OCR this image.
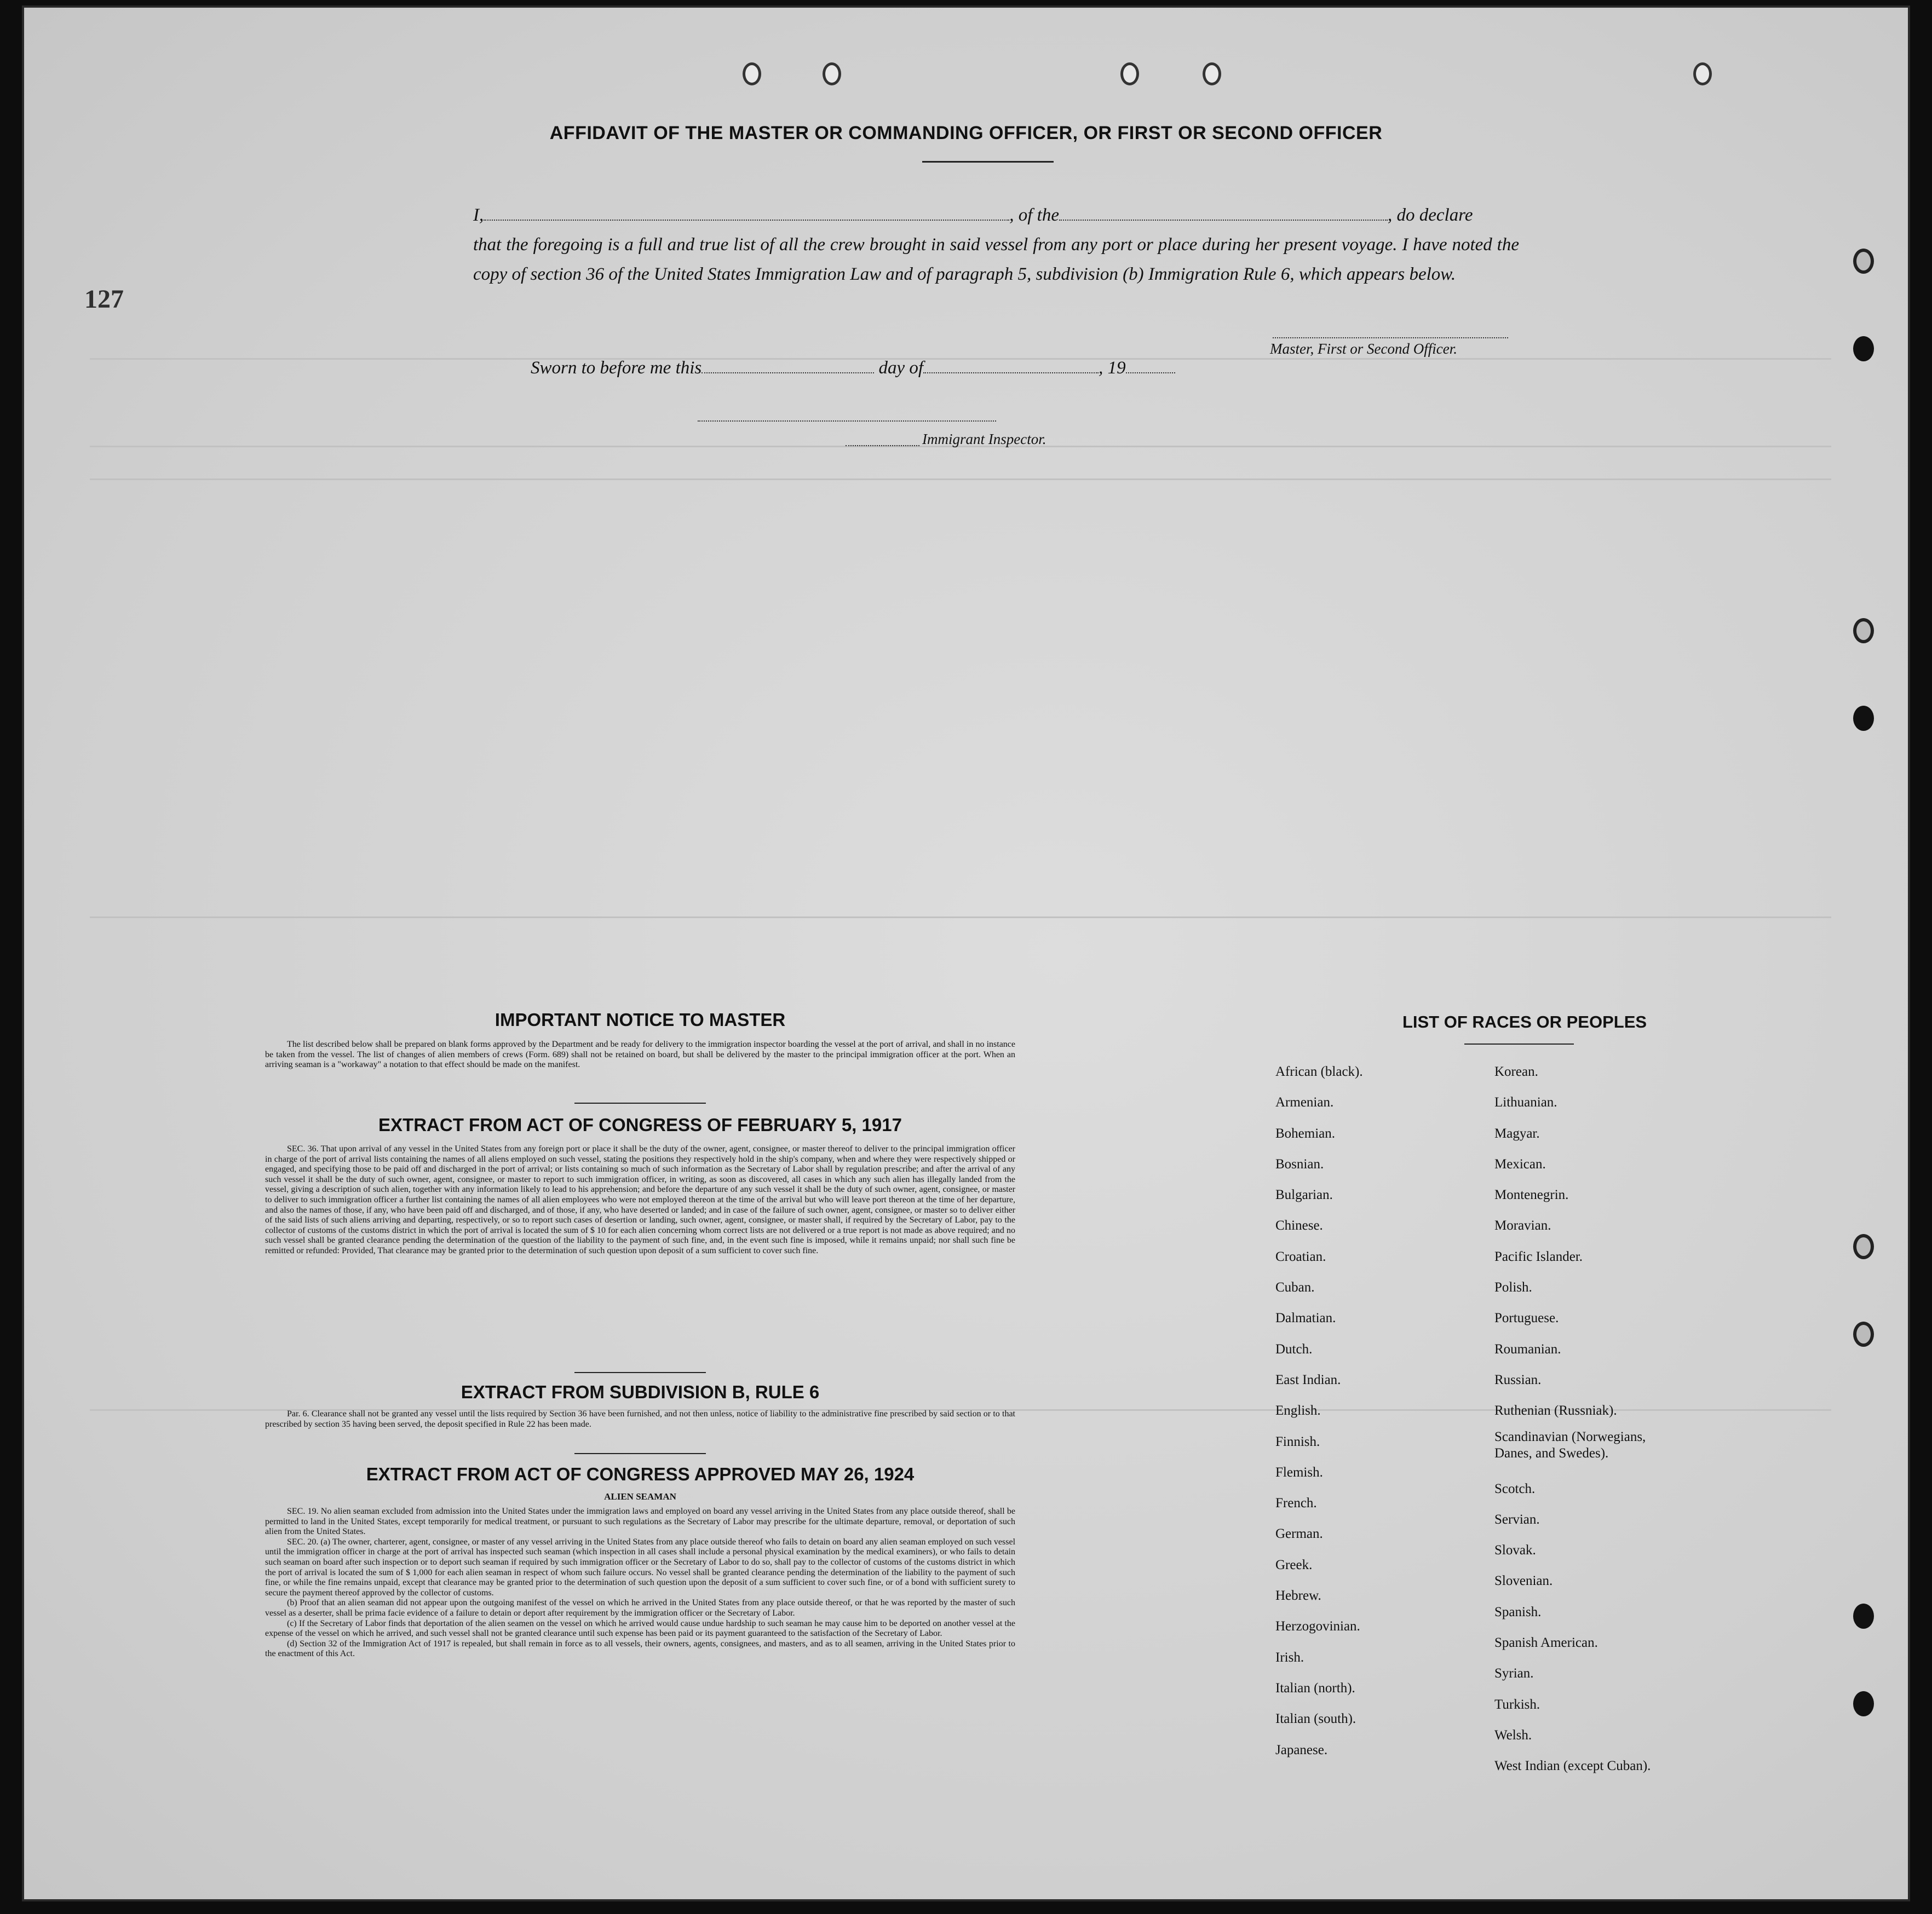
127
AFFIDAVIT OF THE MASTER OR COMMANDING OFFICER, OR FIRST OR SECOND OFFICER
I,	, of the	, do declare
that the foregoing is a full and true list of all the crew brought in said vessel from any port or place during her present voyage. I have noted the copy of section 36 of the United States Immigration Law and of paragraph 5, subdivision (b) Immigration Rule 6, which appears below.
Master, First or Second Officer.
Sworn to before me this	day of	, 19
Immigrant Inspector.
IMPORTANT NOTICE TO MASTER

The list described below shall be prepared on blank forms approved by the Department and be ready for delivery to the immigration inspector boarding the vessel at the port of arrival, and shall in no instance be taken from the vessel. The list of changes of alien members of crews (Form. 689) shall not be retained on board, but shall be delivered by the master to the principal immigration officer at the port. When an arriving seaman is a "workaway" a notation to that effect should be made on the manifest.

EXTRACT FROM ACT OF CONGRESS OF FEBRUARY 5, 1917

SEC. 36. That upon arrival of any vessel in the United States from any foreign port or place it shall be the duty of the owner, agent, consignee, or master thereof to deliver to the principal immigration officer in charge of the port of arrival lists containing the names of all aliens employed on such vessel, stating the positions they respectively hold in the ship's company, when and where they were respectively shipped or engaged, and specifying those to be paid off and discharged in the port of arrival; or lists containing so much of such information as the Secretary of Labor shall by regulation prescribe; and after the arrival of any such vessel it shall be the duty of such owner, agent, consignee, or master to report to such immigration officer, in writing, as soon as discovered, all cases in which any such alien has illegally landed from the vessel, giving a description of such alien, together with any information likely to lead to his apprehension; and before the departure of any such vessel it shall be the duty of such owner, agent, consignee, or master to deliver to such immigration officer a further list containing the names of all alien employees who were not employed thereon at the time of the arrival but who will leave port thereon at the time of her departure, and also the names of those, if any, who have been paid off and discharged, and of those, if any, who have deserted or landed; and in case of the failure of such owner, agent, consignee, or master so to deliver either of the said lists of such aliens arriving and departing, respectively, or so to report such cases of desertion or landing, such owner, agent, consignee, or master shall, if required by the Secretary of Labor, pay to the collector of customs of the customs district in which the port of arrival is located the sum of $ 10 for each alien concerning whom correct lists are not delivered or a true report is not made as above required; and no such vessel shall be granted clearance pending the determination of the question of the liability to the payment of such fine, and, in the event such fine is imposed, while it remains unpaid; nor shall such fine be remitted or refunded: Provided, That clearance may be granted prior to the determination of such question upon deposit of a sum sufficient to cover such fine.

EXTRACT FROM SUBDIVISION B, RULE 6

Par. 6. Clearance shall not be granted any vessel until the lists required by Section 36 have been furnished, and not then unless, notice of liability to the administrative fine prescribed by said section or to that prescribed by section 35 having been served, the deposit specified in Rule 22 has been made.

EXTRACT FROM ACT OF CONGRESS APPROVED MAY 26, 1924
ALIEN SEAMAN

SEC. 19. No alien seaman excluded from admission into the United States under the immigration laws and employed on board any vessel arriving in the United States from any place outside thereof, shall be permitted to land in the United States, except temporarily for medical treatment, or pursuant to such regulations as the Secretary of Labor may prescribe for the ultimate departure, removal, or deportation of such alien from the United States.

SEC. 20. (a) The owner, charterer, agent, consignee, or master of any vessel arriving in the United States from any place outside thereof who fails to detain on board any alien seaman employed on such vessel until the immigration officer in charge at the port of arrival has inspected such seaman (which inspection in all cases shall include a personal physical examination by the medical examiners), or who fails to detain such seaman on board after such inspection or to deport such seaman if required by such immigration officer or the Secretary of Labor to do so, shall pay to the collector of customs of the customs district in which the port of arrival is located the sum of $ 1,000 for each alien seaman in respect of whom such failure occurs. No vessel shall be granted clearance pending the determination of the liability to the payment of such fine, or while the fine remains unpaid, except that clearance may be granted prior to the determination of such question upon the deposit of a sum sufficient to cover such fine, or of a bond with sufficient surety to secure the payment thereof approved by the collector of customs.

(b) Proof that an alien seaman did not appear upon the outgoing manifest of the vessel on which he arrived in the United States from any place outside thereof, or that he was reported by the master of such vessel as a deserter, shall be prima facie evidence of a failure to detain or deport after requirement by the immigration officer or the Secretary of Labor.

(c) If the Secretary of Labor finds that deportation of the alien seamen on the vessel on which he arrived would cause undue hardship to such seaman he may cause him to be deported on another vessel at the expense of the vessel on which he arrived, and such vessel shall not be granted clearance until such expense has been paid or its payment guaranteed to the satisfaction of the Secretary of Labor.

(d) Section 32 of the Immigration Act of 1917 is repealed, but shall remain in force as to all vessels, their owners, agents, consignees, and masters, and as to all seamen, arriving in the United States prior to the enactment of this Act.

LIST OF RACES OR PEOPLES
African (black).
Armenian.
Bohemian.
Bosnian.
Bulgarian.
Chinese.
Croatian.
Cuban.
Dalmatian.
Dutch.
East Indian.
English.
Finnish.
Flemish.
French.
German.
Greek.
Hebrew.
Herzogovinian.
Irish.
Italian (north).
Italian (south).
Japanese.
Korean.
Lithuanian.
Magyar.
Mexican.
Montenegrin.
Moravian.
Pacific Islander.
Polish.
Portuguese.
Roumanian.
Russian.
Ruthenian (Russniak).
Scandinavian (Norwegians, Danes, and Swedes).
Scotch.
Servian.
Slovak.
Slovenian.
Spanish.
Spanish American.
Syrian.
Turkish.
Welsh.
West Indian (except Cuban).
